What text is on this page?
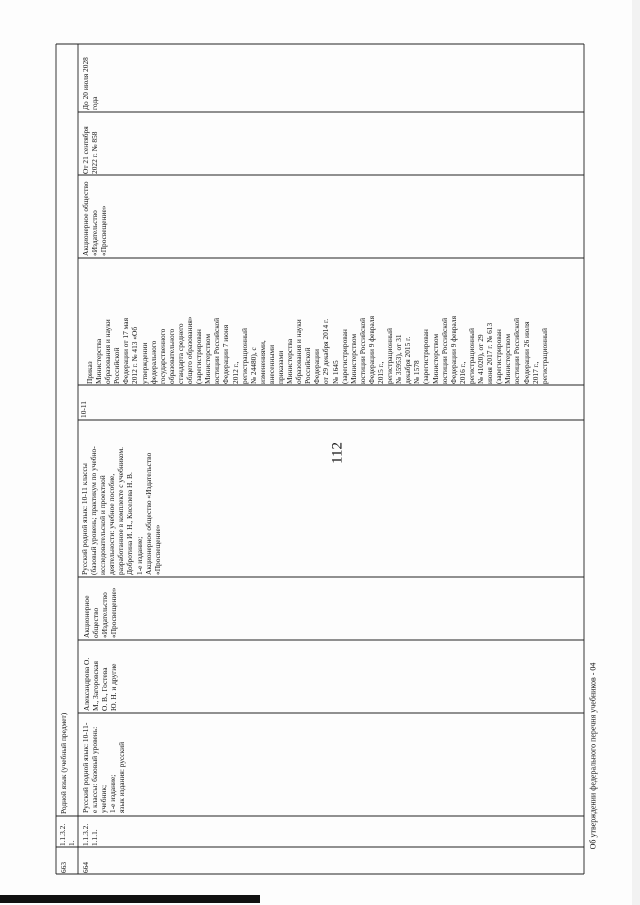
112
663
1.1.3.2.
1.
Родной язык (учебный предмет)
664
1.1.3.2.
1.1.1.
Русский родной язык: 10-11-
е классы: базовый уровень:
учебник;
1-е издание;
язык издания: русский
Александрова О.
М., Загоровская
О. В., Гостева
Ю. Н. и другие
Акционерное
общество
«Издательство
«Просвещение»
Русский родной язык: 10-11 классы
(базовый уровень; практикум по учебно-
исследовательской и проектной
деятельности: учебное пособие,
разработанное в комплекте с учебником.
Добротина И. Н., Киселева Н. В.
1-е издание;
Акционерное общество «Издательство
«Просвещение»
10-11
Приказ
Министерства
образования и науки
Российской
Федерации от 17 мая
2012 г. № 413 «Об
утверждении
федерального
государственного
образовательного
стандарта среднего
общего образования»
(зарегистрирован
Министерством
юстиции Российской
Федерации 7 июня
2012 г.,
регистрационный
№ 24480), с
изменениями,
внесенными
приказами
Министерства
образования и науки
Российской
Федерации
от 29 декабря 2014 г.
№ 1645
(зарегистрирован
Министерством
юстиции Российской
Федерации 9 февраля
2015 г.,
регистрационный
№ 35953), от 31
декабря 2015 г.
№ 1578
(зарегистрирован
Министерством
юстиции Российской
Федерации 9 февраля
2016 г.,
регистрационный
№ 41020), от 29
июня 2017 г. № 613
(зарегистрирован
Министерством
юстиции Российской
Федерации 26 июля
2017 г.,
регистрационный
Акционерное общество
«Издательство
«Просвещение»
От 21 сентября
2022 г. № 858
До 20 июля 2028
года
Об утверждении федерального перечня учебников - 04
